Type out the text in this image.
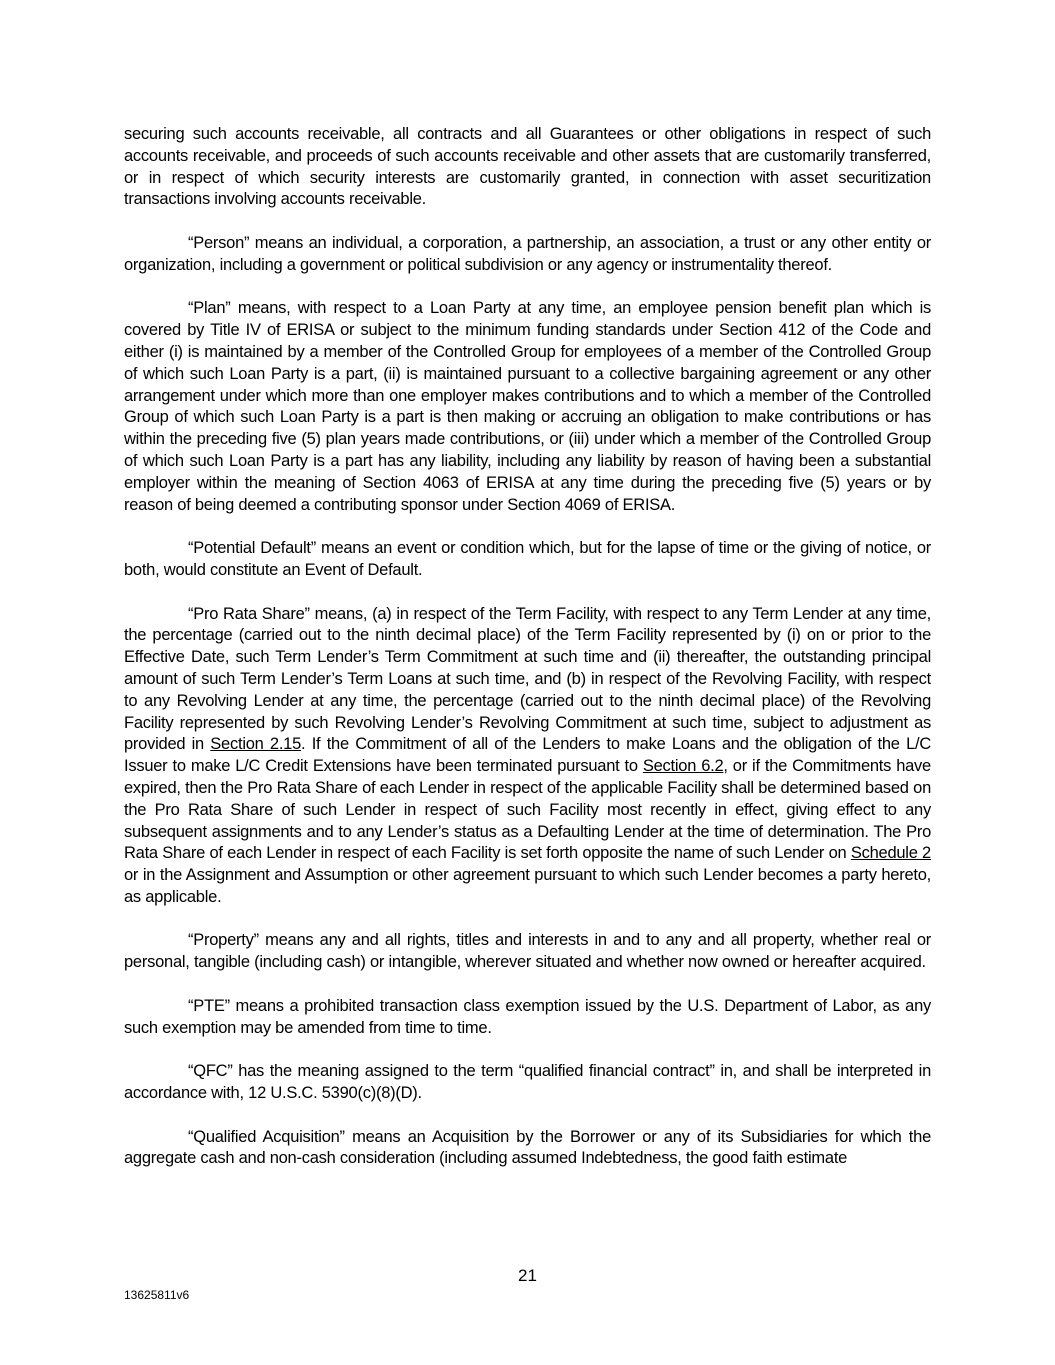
securing such accounts receivable, all contracts and all Guarantees or other obligations in respect of such accounts receivable, and proceeds of such accounts receivable and other assets that are customarily transferred, or in respect of which security interests are customarily granted, in connection with asset securitization transactions involving accounts receivable.

“Person” means an individual, a corporation, a partnership, an association, a trust or any other entity or organization, including a government or political subdivision or any agency or instrumentality thereof.

“Plan” means, with respect to a Loan Party at any time, an employee pension benefit plan which is covered by Title IV of ERISA or subject to the minimum funding standards under Section 412 of the Code and either (i) is maintained by a member of the Controlled Group for employees of a member of the Controlled Group of which such Loan Party is a part, (ii) is maintained pursuant to a collective bargaining agreement or any other arrangement under which more than one employer makes contributions and to which a member of the Controlled Group of which such Loan Party is a part is then making or accruing an obligation to make contributions or has within the preceding five (5) plan years made contributions, or (iii) under which a member of the Controlled Group of which such Loan Party is a part has any liability, including any liability by reason of having been a substantial employer within the meaning of Section 4063 of ERISA at any time during the preceding five (5) years or by reason of being deemed a contributing sponsor under Section 4069 of ERISA.

“Potential Default” means an event or condition which, but for the lapse of time or the giving of notice, or both, would constitute an Event of Default.

“Pro Rata Share” means, (a) in respect of the Term Facility, with respect to any Term Lender at any time, the percentage (carried out to the ninth decimal place) of the Term Facility represented by (i) on or prior to the Effective Date, such Term Lender’s Term Commitment at such time and (ii) thereafter, the outstanding principal amount of such Term Lender’s Term Loans at such time, and (b) in respect of the Revolving Facility, with respect to any Revolving Lender at any time, the percentage (carried out to the ninth decimal place) of the Revolving Facility represented by such Revolving Lender’s Revolving Commitment at such time, subject to adjustment as provided in Section 2.15. If the Commitment of all of the Lenders to make Loans and the obligation of the L/C Issuer to make L/C Credit Extensions have been terminated pursuant to Section 6.2, or if the Commitments have expired, then the Pro Rata Share of each Lender in respect of the applicable Facility shall be determined based on the Pro Rata Share of such Lender in respect of such Facility most recently in effect, giving effect to any subsequent assignments and to any Lender’s status as a Defaulting Lender at the time of determination. The Pro Rata Share of each Lender in respect of each Facility is set forth opposite the name of such Lender on Schedule 2 or in the Assignment and Assumption or other agreement pursuant to which such Lender becomes a party hereto, as applicable.

“Property” means any and all rights, titles and interests in and to any and all property, whether real or personal, tangible (including cash) or intangible, wherever situated and whether now owned or hereafter acquired.

“PTE” means a prohibited transaction class exemption issued by the U.S. Department of Labor, as any such exemption may be amended from time to time.

“QFC” has the meaning assigned to the term “qualified financial contract” in, and shall be interpreted in accordance with, 12 U.S.C. 5390(c)(8)(D).

“Qualified Acquisition” means an Acquisition by the Borrower or any of its Subsidiaries for which the aggregate cash and non-cash consideration (including assumed Indebtedness, the good faith estimate

21
13625811v6
